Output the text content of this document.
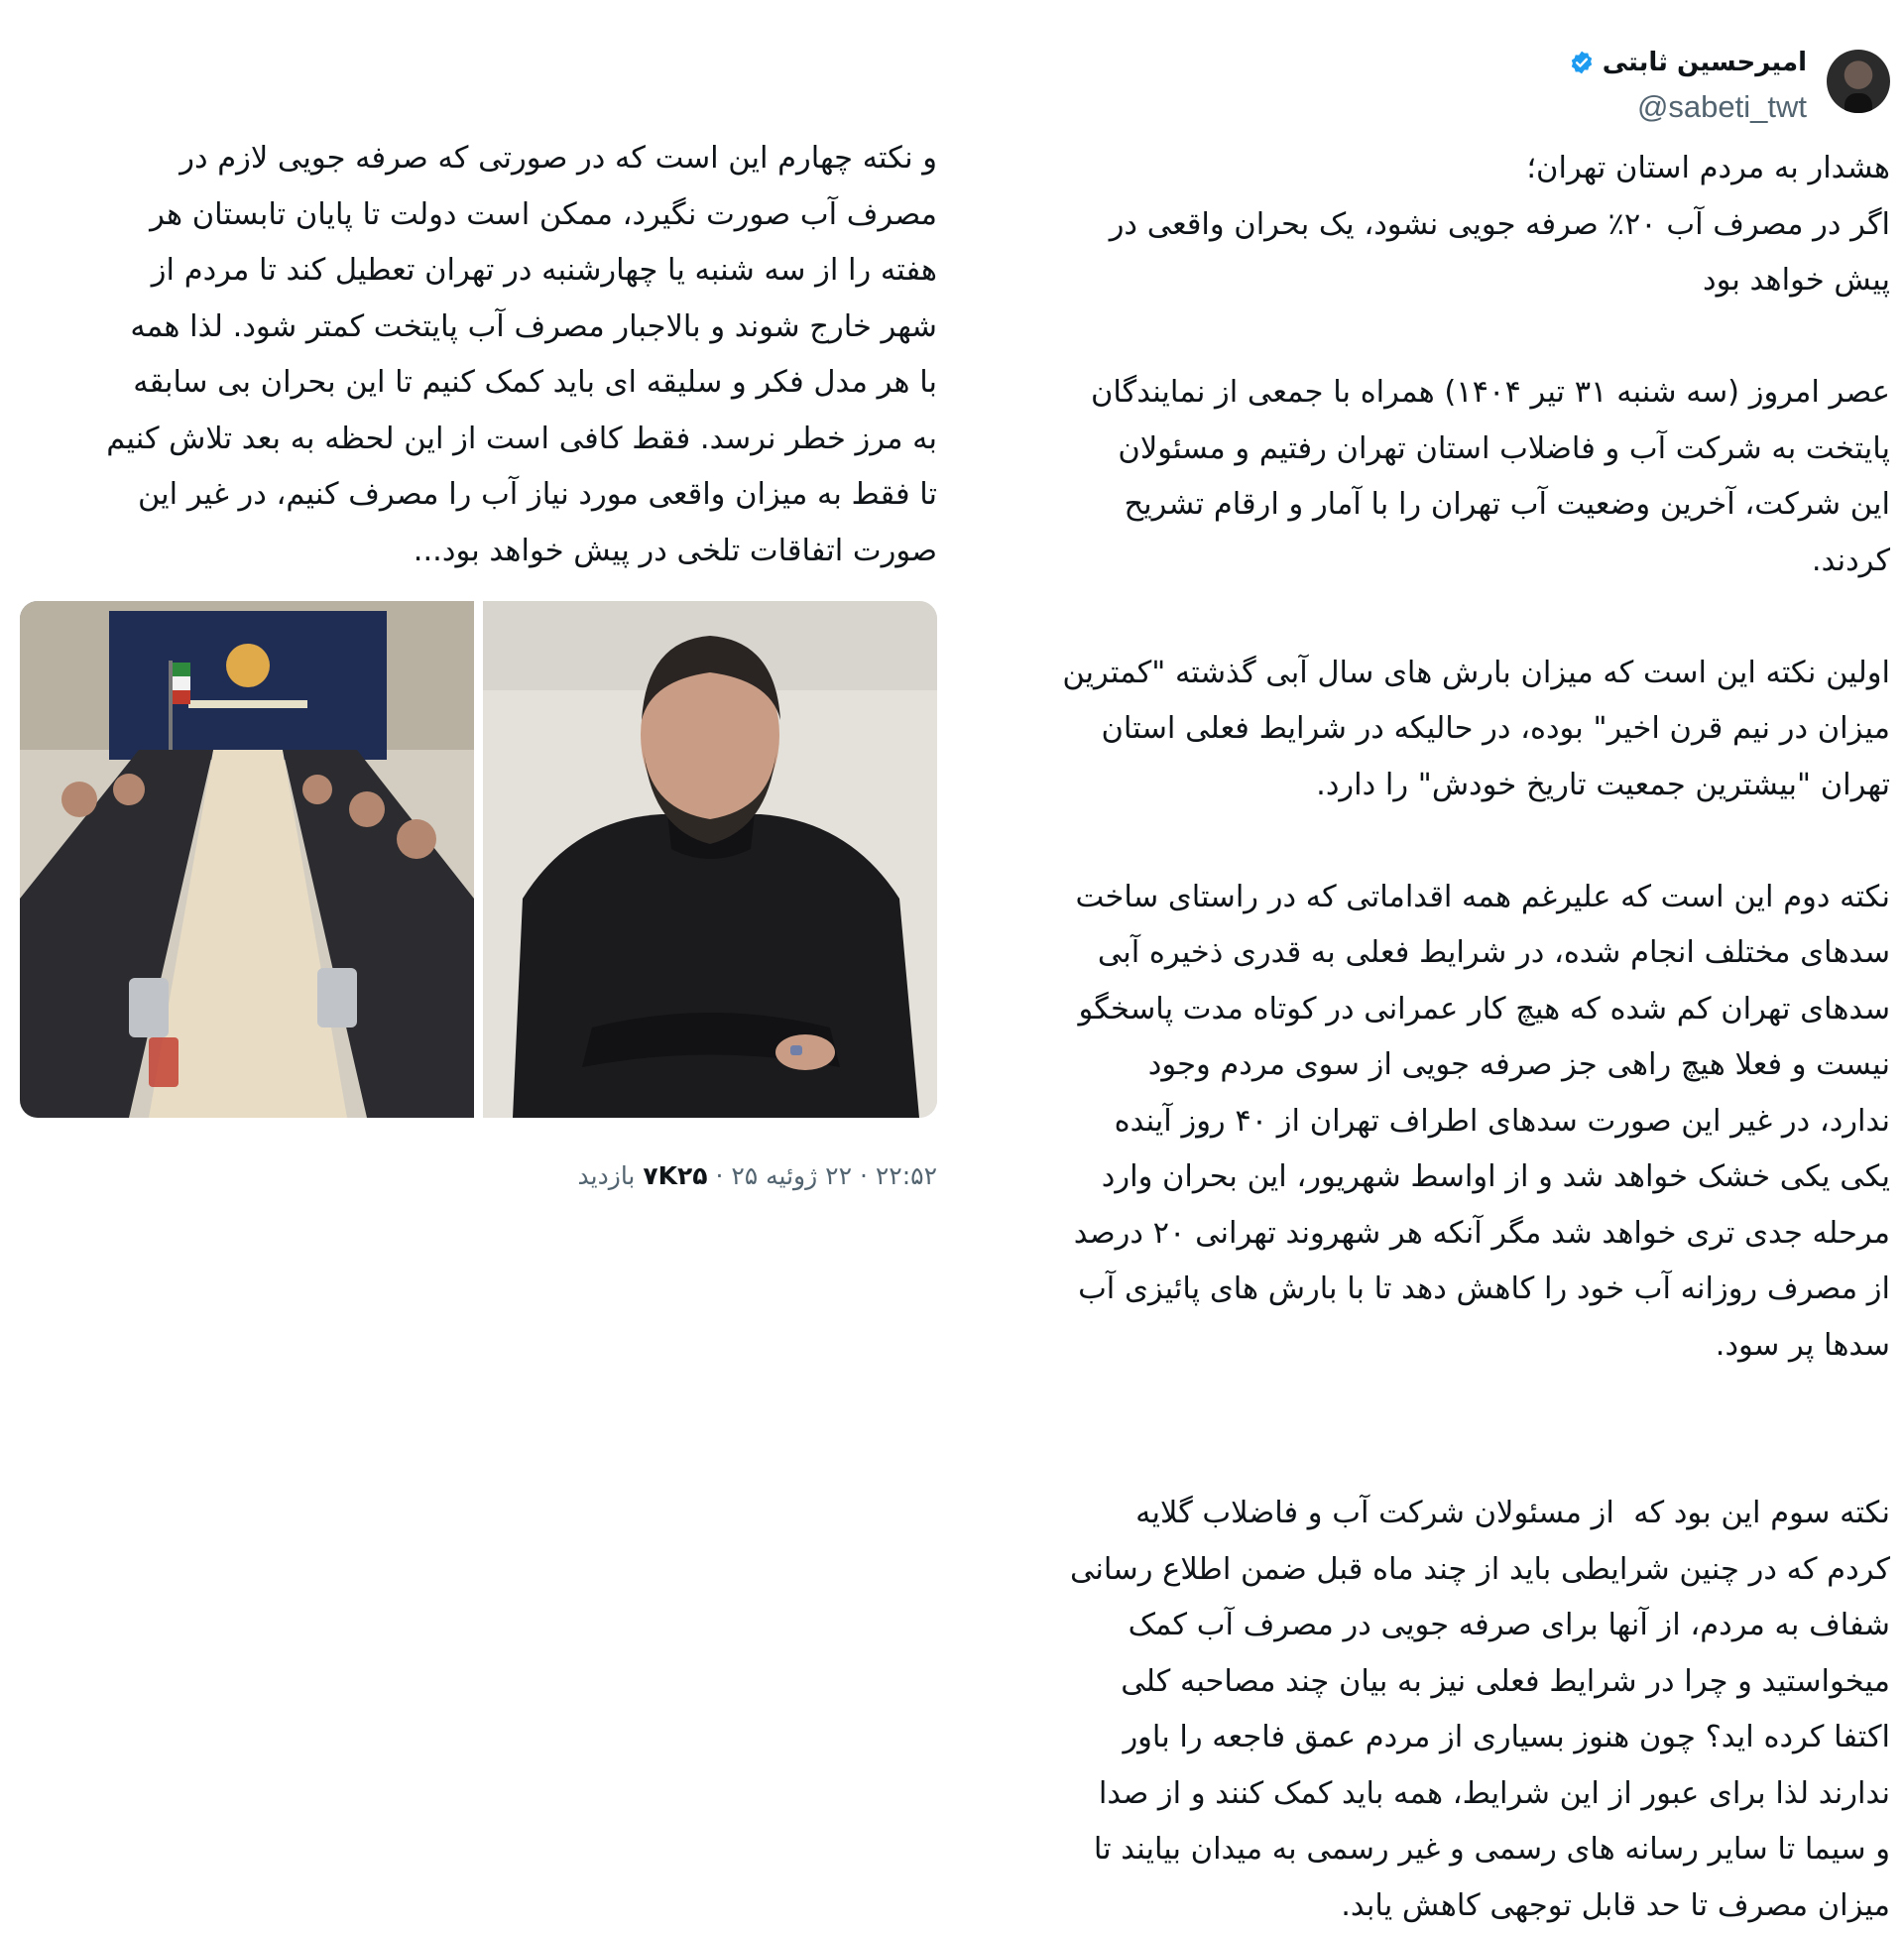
امیرحسین ثابتی
@sabeti_twt

هشدار به مردم استان تهران؛
اگر در مصرف آب ۲۰٪ صرفه جویی نشود، یک بحران واقعی در
پیش خواهد بود

عصر امروز (سه شنبه ۳۱ تیر ۱۴۰۴) همراه با جمعی از نمایندگان
پایتخت به شرکت آب و فاضلاب استان تهران رفتیم و مسئولان
این شرکت، آخرین وضعیت آب تهران را با آمار و ارقام تشریح
کردند.

اولین نکته این است که میزان بارش های سال آبی گذشته "کمترین
میزان در نیم قرن اخیر" بوده، در حالیکه در شرایط فعلی استان
تهران "بیشترین جمعیت تاریخ خودش" را دارد.

نکته دوم این است که علیرغم همه اقداماتی که در راستای ساخت
سدهای مختلف انجام شده، در شرایط فعلی به قدری ذخیره آبی
سدهای تهران کم شده که هیچ کار عمرانی در کوتاه مدت پاسخگو
نیست و فعلا هیچ راهی جز صرفه جویی از سوی مردم وجود
ندارد، در غیر این صورت سدهای اطراف تهران از ۴۰ روز آینده
یکی یکی خشک خواهد شد و از اواسط شهریور، این بحران وارد
مرحله جدی تری خواهد شد مگر آنکه هر شهروند تهرانی ۲۰ درصد
از مصرف روزانه آب خود را کاهش دهد تا با بارش های پائیزی آب
سدها پر سود.

نکته سوم این بود که  از مسئولان شرکت آب و فاضلاب گلایه
کردم که در چنین شرایطی باید از چند ماه قبل ضمن اطلاع رسانی
شفاف به مردم، از آنها برای صرفه جویی در مصرف آب کمک
میخواستید و چرا در شرایط فعلی نیز به بیان چند مصاحبه کلی
اکتفا کرده اید؟ چون هنوز بسیاری از مردم عمق فاجعه را باور
ندارند لذا برای عبور از این شرایط، همه باید کمک کنند و از صدا
و سیما تا سایر رسانه های رسمی و غیر رسمی به میدان بیایند تا
میزان مصرف تا حد قابل توجهی کاهش یابد.

و نکته چهارم این است که در صورتی که صرفه جویی لازم در
مصرف آب صورت نگیرد، ممکن است دولت تا پایان تابستان هر
هفته را از سه شنبه یا چهارشنبه در تهران تعطیل کند تا مردم از
شهر خارج شوند و بالاجبار مصرف آب پایتخت کمتر شود. لذا همه
با هر مدل فکر و سلیقه ای باید کمک کنیم تا این بحران بی سابقه
به مرز خطر نرسد. فقط کافی است از این لحظه به بعد تلاش کنیم
تا فقط به میزان واقعی مورد نیاز آب را مصرف کنیم، در غیر این
صورت اتفاقات تلخی در پیش خواهد بود...

۲۲:۵۲ · ۲۲ ژوئیه ۲۵ · ۷K۲۵ بازدید
